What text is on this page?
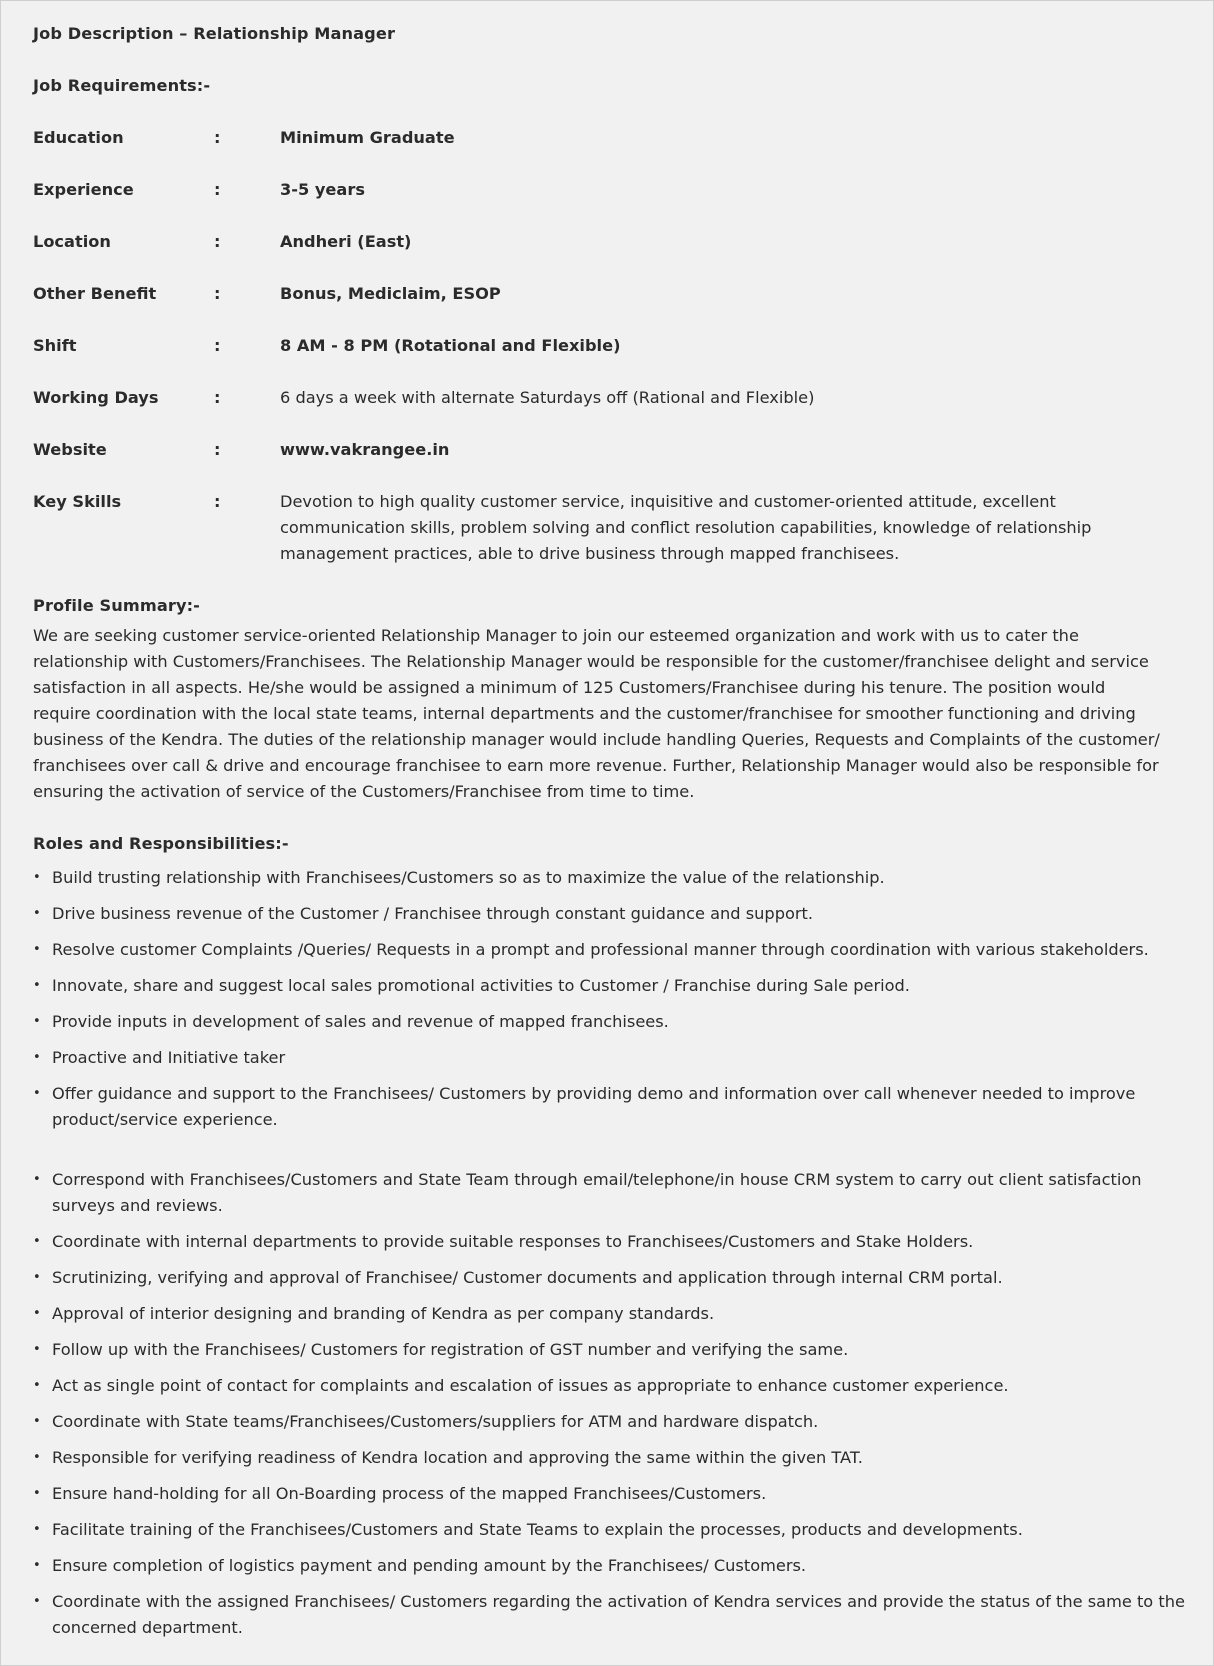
Job Description – Relationship Manager
Job Requirements:-
Education	:	Minimum Graduate
Experience	:	3-5 years
Location	:	Andheri (East)
Other Benefit	:	Bonus, Mediclaim, ESOP
Shift	:	8 AM - 8 PM (Rotational and Flexible)
Working Days	:	6 days a week with alternate Saturdays off (Rational and Flexible)
Website	:	www.vakrangee.in
Key Skills	:	Devotion to high quality customer service, inquisitive and customer-oriented attitude, excellent communication skills, problem solving and conflict resolution capabilities, knowledge of relationship management practices, able to drive business through mapped franchisees.
Profile Summary:-
We are seeking customer service-oriented Relationship Manager to join our esteemed organization and work with us to cater the relationship with Customers/Franchisees. The Relationship Manager would be responsible for the customer/franchisee delight and service satisfaction in all aspects. He/she would be assigned a minimum of 125 Customers/Franchisee during his tenure. The position would require coordination with the local state teams, internal departments and the customer/franchisee for smoother functioning and driving business of the Kendra. The duties of the relationship manager would include handling Queries, Requests and Complaints of the customer/ franchisees over call & drive and encourage franchisee to earn more revenue. Further, Relationship Manager would also be responsible for ensuring the activation of service of the Customers/Franchisee from time to time.
Roles and Responsibilities:-
• Build trusting relationship with Franchisees/Customers so as to maximize the value of the relationship.
• Drive business revenue of the Customer / Franchisee through constant guidance and support.
• Resolve customer Complaints /Queries/ Requests in a prompt and professional manner through coordination with various stakeholders.
• Innovate, share and suggest local sales promotional activities to Customer / Franchise during Sale period.
• Provide inputs in development of sales and revenue of mapped franchisees.
• Proactive and Initiative taker
• Offer guidance and support to the Franchisees/ Customers by providing demo and information over call whenever needed to improve product/service experience.
• Correspond with Franchisees/Customers and State Team through email/telephone/in house CRM system to carry out client satisfaction surveys and reviews.
• Coordinate with internal departments to provide suitable responses to Franchisees/Customers and Stake Holders.
• Scrutinizing, verifying and approval of Franchisee/ Customer documents and application through internal CRM portal.
• Approval of interior designing and branding of Kendra as per company standards.
• Follow up with the Franchisees/ Customers for registration of GST number and verifying the same.
• Act as single point of contact for complaints and escalation of issues as appropriate to enhance customer experience.
• Coordinate with State teams/Franchisees/Customers/suppliers for ATM and hardware dispatch.
• Responsible for verifying readiness of Kendra location and approving the same within the given TAT.
• Ensure hand-holding for all On-Boarding process of the mapped Franchisees/Customers.
• Facilitate training of the Franchisees/Customers and State Teams to explain the processes, products and developments.
• Ensure completion of logistics payment and pending amount by the Franchisees/ Customers.
• Coordinate with the assigned Franchisees/ Customers regarding the activation of Kendra services and provide the status of the same to the concerned department.
